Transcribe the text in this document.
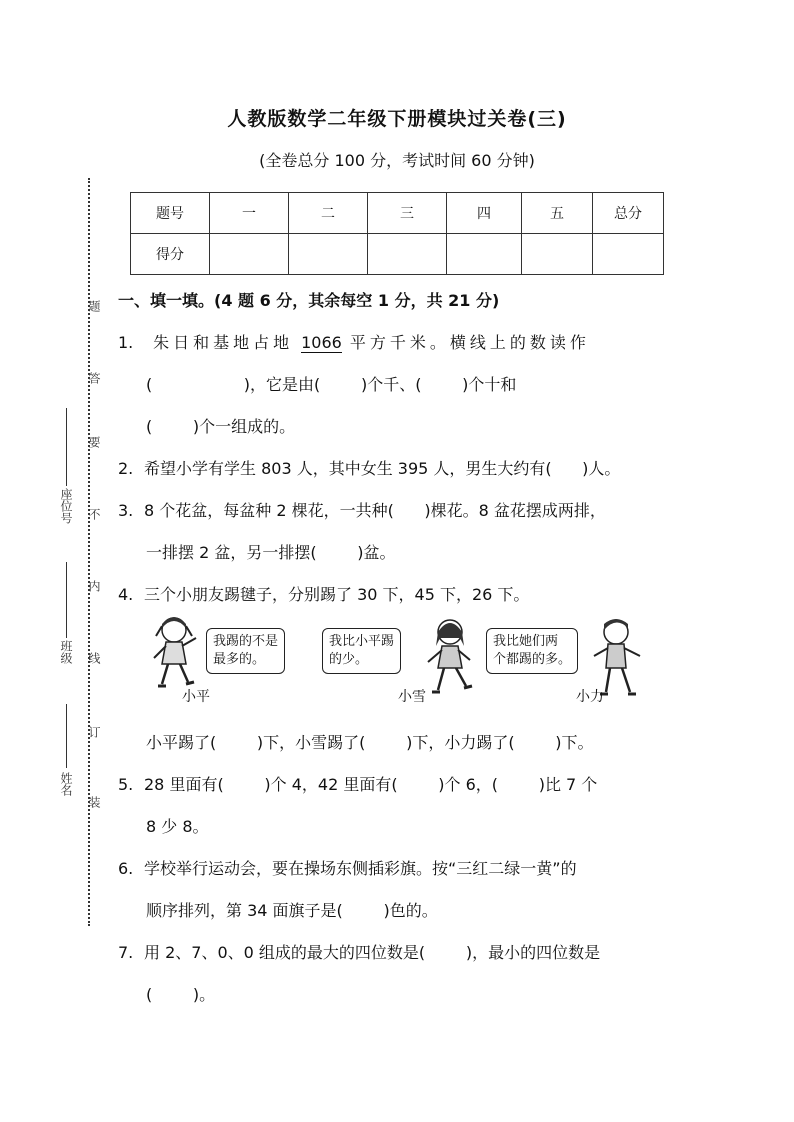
题
答
要
不
内
线
订
装
座位号
班级
姓名
人教版数学二年级下册模块过关卷(三)
(全卷总分 100 分，考试时间 60 分钟)
题号	一	二	三	四	五	总分
得分						
一、填一填。(4 题 6 分，其余每空 1 分，共 21 分)
1. 朱日和基地占地 1066 平方千米。横线上的数读作
(                  )，它是由(        )个千、(        )个十和
(        )个一组成的。
2. 希望小学有学生 803 人，其中女生 395 人，男生大约有(      )人。
3. 8 个花盆，每盆种 2 棵花，一共种(      )棵花。8 盆花摆成两排，
一排摆 2 盆，另一排摆(        )盆。
4. 三个小朋友踢毽子，分别踢了 30 下，45 下，26 下。
我踢的不是
最多的。
小平
我比小平踢
的少。
小雪
我比她们两
个都踢的多。
小力
小平踢了(        )下，小雪踢了(        )下，小力踢了(        )下。
5. 28 里面有(        )个 4，42 里面有(        )个 6，(        )比 7 个
8 少 8。
6. 学校举行运动会，要在操场东侧插彩旗。按“三红二绿一黄”的
顺序排列，第 34 面旗子是(        )色的。
7. 用 2、7、0、0 组成的最大的四位数是(        )，最小的四位数是
(        )。
